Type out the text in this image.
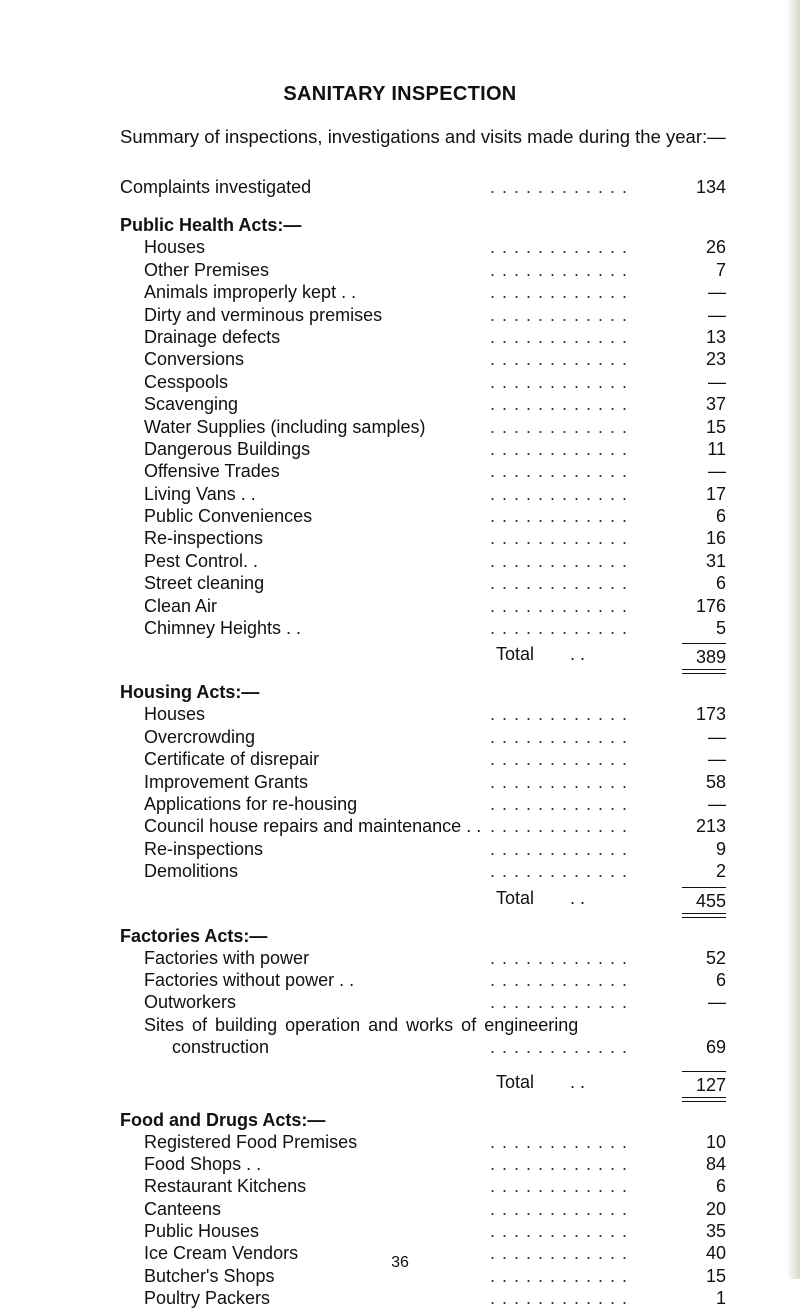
SANITARY INSPECTION
Summary of inspections, investigations and visits made during the year:—
Complaints investigated	. . . . . . . . . . . .	134
Public Health Acts:—
Houses	. . . . . . . . . . . .	26
Other Premises	. . . . . . . . . . . .	7
Animals improperly kept . .	. . . . . . . . . . . .	—
Dirty and verminous premises	. . . . . . . . . . . .	—
Drainage defects	. . . . . . . . . . . .	13
Conversions	. . . . . . . . . . . .	23
Cesspools	. . . . . . . . . . . .	—
Scavenging	. . . . . . . . . . . .	37
Water Supplies (including samples)	. . . . . . . . . . . .	15
Dangerous Buildings	. . . . . . . . . . . .	11
Offensive Trades	. . . . . . . . . . . .	—
Living Vans . .	. . . . . . . . . . . .	17
Public Conveniences	. . . . . . . . . . . .	6
Re-inspections	. . . . . . . . . . . .	16
Pest Control. .	. . . . . . . . . . . .	31
Street cleaning	. . . . . . . . . . . .	6
Clean Air	. . . . . . . . . . . .	176
Chimney Heights . .	. . . . . . . . . . . .	5
Total . .	389
Housing Acts:—
Houses	. . . . . . . . . . . .	173
Overcrowding	. . . . . . . . . . . .	—
Certificate of disrepair	. . . . . . . . . . . .	—
Improvement Grants	. . . . . . . . . . . .	58
Applications for re-housing	. . . . . . . . . . . .	—
Council house repairs and maintenance . . . . . . . . . . . . . .	213
Re-inspections	. . . . . . . . . . . .	9
Demolitions	. . . . . . . . . . . .	2
Total . .	455
Factories Acts:—
Factories with power	. . . . . . . . . . . .	52
Factories without power . .	. . . . . . . . . . . .	6
Outworkers	. . . . . . . . . . . .	—
Sites of building operation and works of engineering
construction	. . . . . . . . . . . .	69
Total . .	127
Food and Drugs Acts:—
Registered Food Premises	. . . . . . . . . . . .	10
Food Shops . .	. . . . . . . . . . . .	84
Restaurant Kitchens	. . . . . . . . . . . .	6
Canteens	. . . . . . . . . . . .	20
Public Houses	. . . . . . . . . . . .	35
Ice Cream Vendors	. . . . . . . . . . . .	40
Butcher's Shops	. . . . . . . . . . . .	15
Poultry Packers	. . . . . . . . . . . .	1
36
